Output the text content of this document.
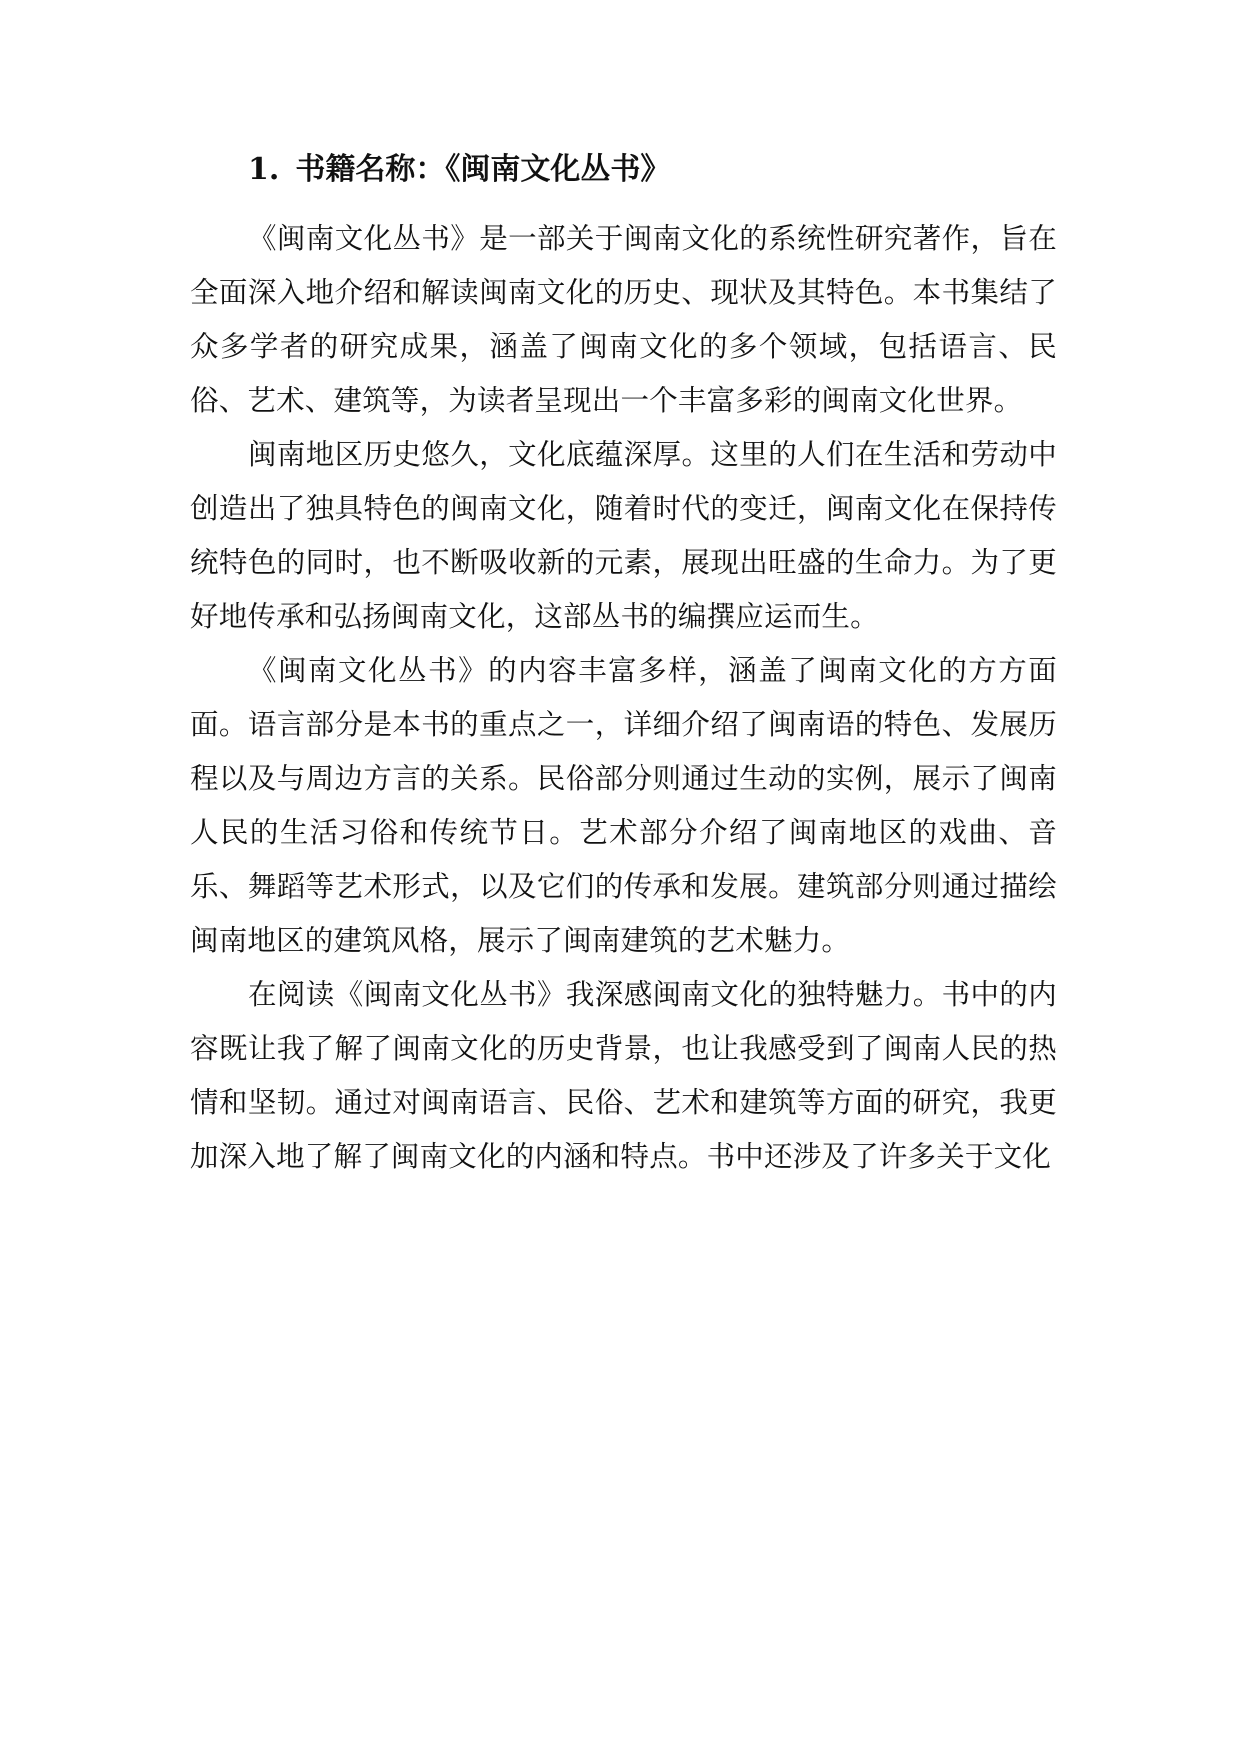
1. 书籍名称：《闽南文化丛书》

《闽南文化丛书》是一部关于闽南文化的系统性研究著作，旨在全面深入地介绍和解读闽南文化的历史、现状及其特色。本书集结了众多学者的研究成果，涵盖了闽南文化的多个领域，包括语言、民俗、艺术、建筑等，为读者呈现出一个丰富多彩的闽南文化世界。

闽南地区历史悠久，文化底蕴深厚。这里的人们在生活和劳动中创造出了独具特色的闽南文化，随着时代的变迁，闽南文化在保持传统特色的同时，也不断吸收新的元素，展现出旺盛的生命力。为了更好地传承和弘扬闽南文化，这部丛书的编撰应运而生。

《闽南文化丛书》的内容丰富多样，涵盖了闽南文化的方方面面。语言部分是本书的重点之一，详细介绍了闽南语的特色、发展历程以及与周边方言的关系。民俗部分则通过生动的实例，展示了闽南人民的生活习俗和传统节日。艺术部分介绍了闽南地区的戏曲、音乐、舞蹈等艺术形式，以及它们的传承和发展。建筑部分则通过描绘闽南地区的建筑风格，展示了闽南建筑的艺术魅力。

在阅读《闽南文化丛书》我深感闽南文化的独特魅力。书中的内容既让我了解了闽南文化的历史背景，也让我感受到了闽南人民的热情和坚韧。通过对闽南语言、民俗、艺术和建筑等方面的研究，我更加深入地了解了闽南文化的内涵和特点。书中还涉及了许多关于文化
